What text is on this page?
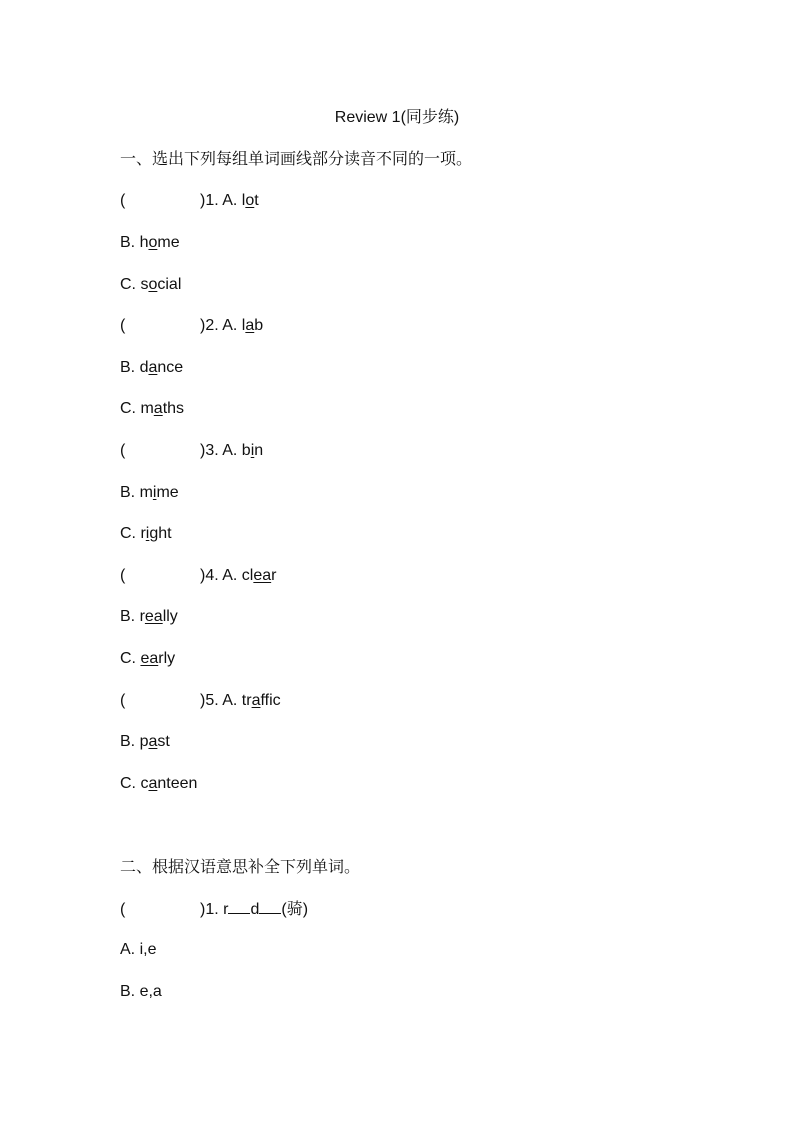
Review 1(同步练)
一、选出下列每组单词画线部分读音不同的一项。
(	)1. A. lot
B. home
C. social
(	)2. A. lab
B. dance
C. maths
(	)3. A. bin
B. mime
C. right
(	)4. A. clear
B. really
C. early
(	)5. A. traffic
B. past
C. canteen
二、根据汉语意思补全下列单词。
(	)1. r d (骑)
A. i,e
B. e,a
